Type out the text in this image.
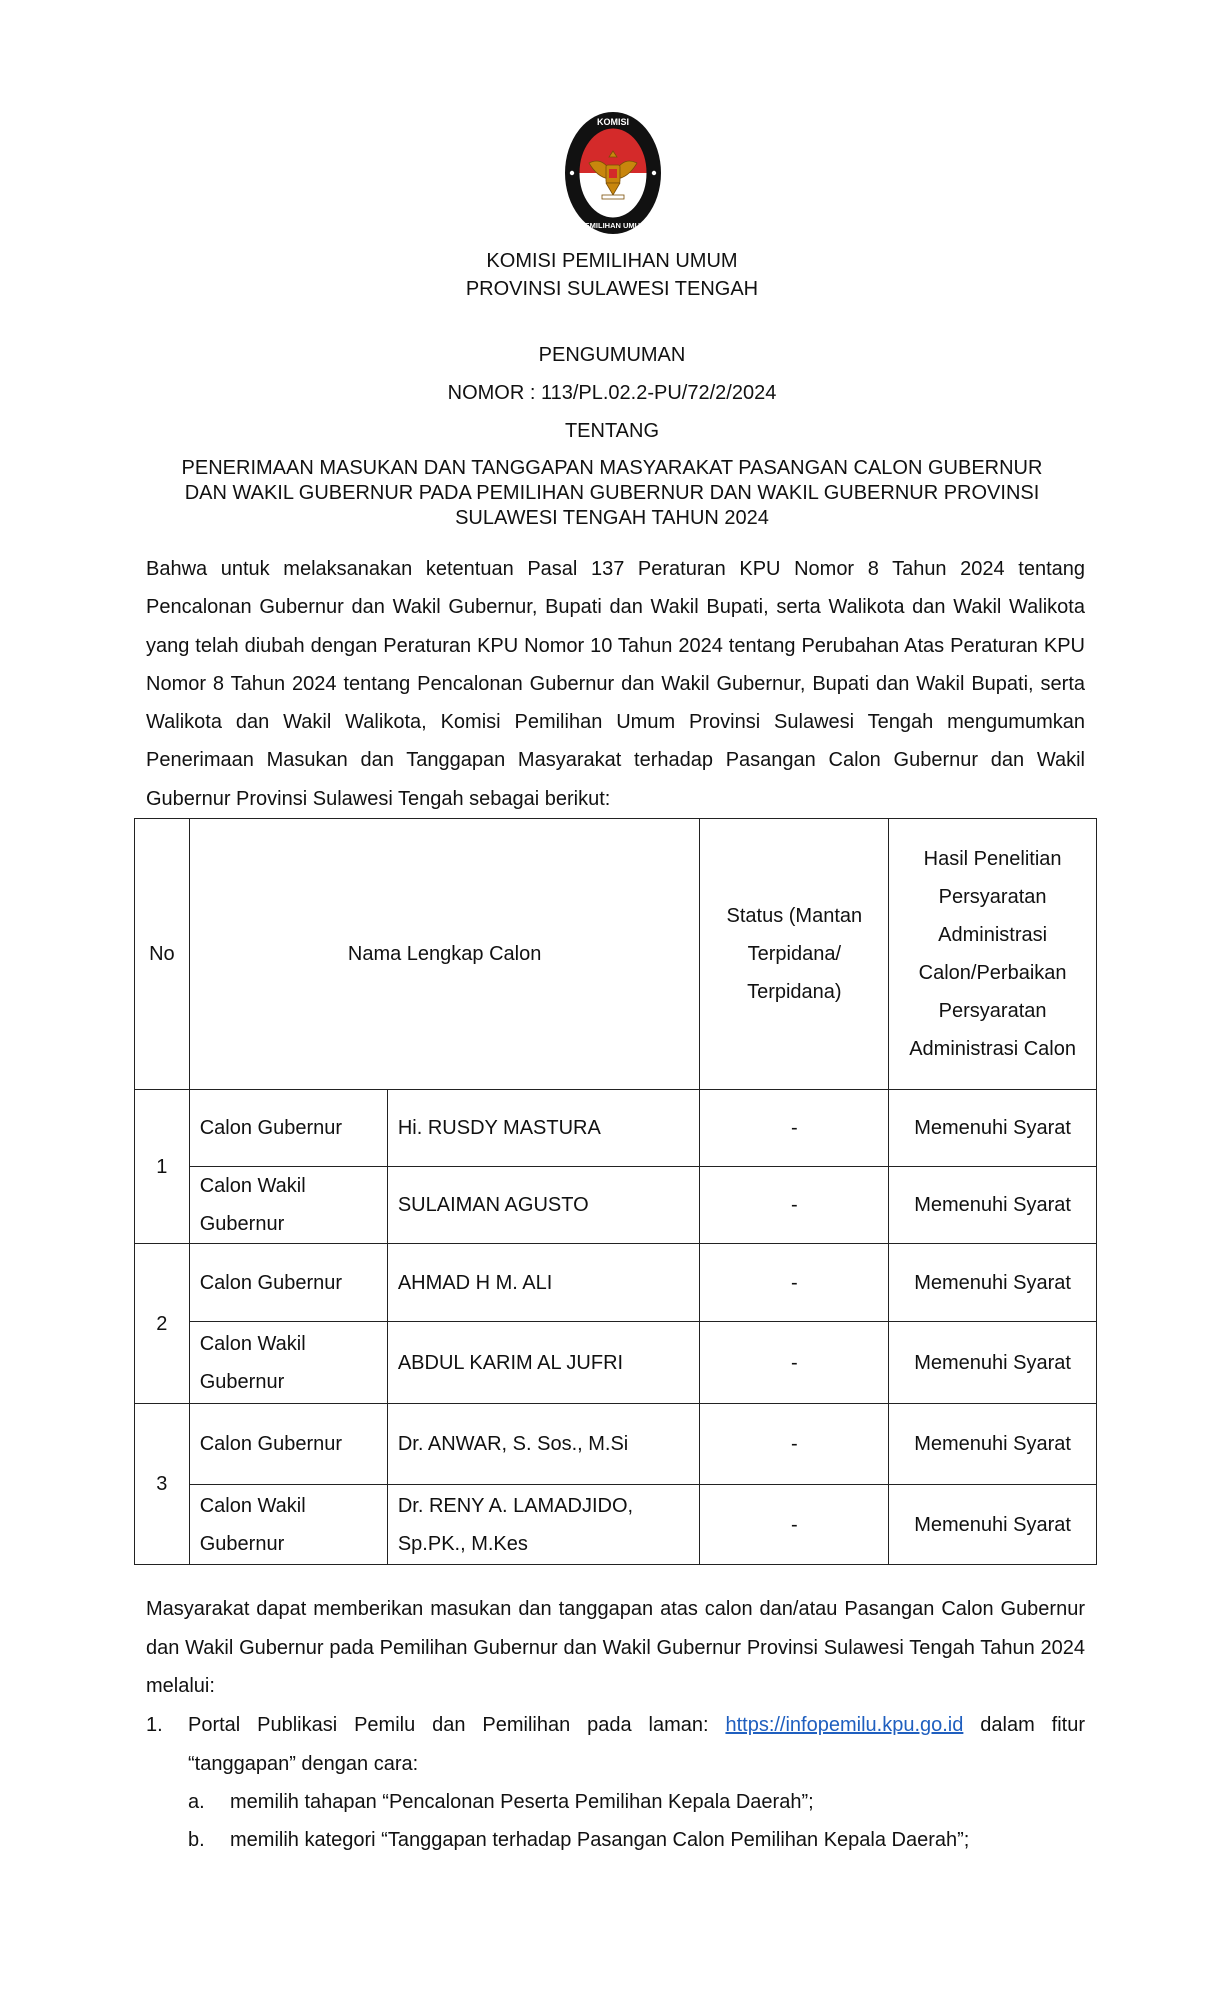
KOMISI
PEMILIHAN UMUM
KOMISI PEMILIHAN UMUM
PROVINSI SULAWESI TENGAH
PENGUMUMAN
NOMOR : 113/PL.02.2-PU/72/2/2024
TENTANG
PENERIMAAN MASUKAN DAN TANGGAPAN MASYARAKAT PASANGAN CALON GUBERNUR DAN WAKIL GUBERNUR PADA PEMILIHAN GUBERNUR DAN WAKIL GUBERNUR PROVINSI SULAWESI TENGAH TAHUN 2024
Bahwa untuk melaksanakan ketentuan Pasal 137 Peraturan KPU Nomor 8 Tahun 2024 tentang Pencalonan Gubernur dan Wakil Gubernur, Bupati dan Wakil Bupati, serta Walikota dan Wakil Walikota yang telah diubah dengan Peraturan KPU Nomor 10 Tahun 2024 tentang Perubahan Atas Peraturan KPU Nomor 8 Tahun 2024 tentang Pencalonan Gubernur dan Wakil Gubernur, Bupati dan Wakil Bupati, serta Walikota dan Wakil Walikota, Komisi Pemilihan Umum Provinsi Sulawesi Tengah mengumumkan Penerimaan Masukan dan Tanggapan Masyarakat terhadap Pasangan Calon Gubernur dan Wakil Gubernur Provinsi Sulawesi Tengah sebagai berikut:
No	Nama Lengkap Calon		Status (Mantan Terpidana/ Terpidana)	Hasil Penelitian Persyaratan Administrasi Calon/Perbaikan Persyaratan Administrasi Calon
1	Calon Gubernur	Hi. RUSDY MASTURA	-	Memenuhi Syarat
	Calon Wakil Gubernur	SULAIMAN AGUSTO	-	Memenuhi Syarat
2	Calon Gubernur	AHMAD H M. ALI	-	Memenuhi Syarat
	Calon Wakil Gubernur	ABDUL KARIM AL JUFRI	-	Memenuhi Syarat
3	Calon Gubernur	Dr. ANWAR, S. Sos., M.Si	-	Memenuhi Syarat
	Calon Wakil Gubernur	Dr. RENY A. LAMADJIDO, Sp.PK., M.Kes	-	Memenuhi Syarat
Masyarakat dapat memberikan masukan dan tanggapan atas calon dan/atau Pasangan Calon Gubernur dan Wakil Gubernur pada Pemilihan Gubernur dan Wakil Gubernur Provinsi Sulawesi Tengah Tahun 2024 melalui:
1. Portal Publikasi Pemilu dan Pemilihan pada laman: https://infopemilu.kpu.go.id dalam fitur “tanggapan” dengan cara:
a. memilih tahapan “Pencalonan Peserta Pemilihan Kepala Daerah”;
b. memilih kategori “Tanggapan terhadap Pasangan Calon Pemilihan Kepala Daerah”;
